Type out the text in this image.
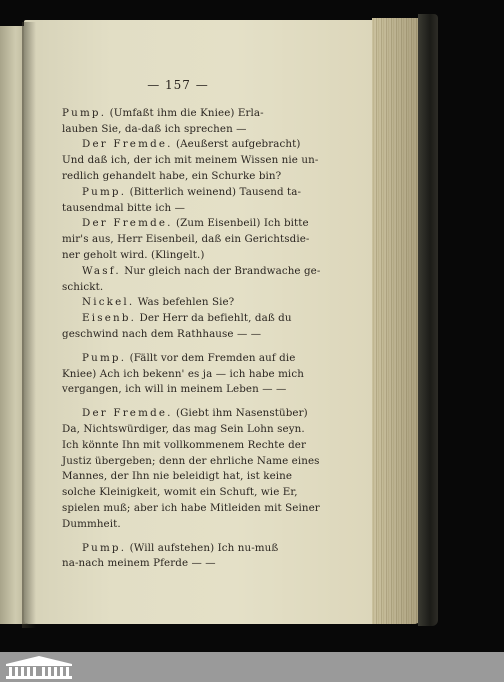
— 157 —
Pump. (Umfaßt ihm die Kniee) Erla-
lauben Sie, da-daß ich sprechen —
Der Fremde. (Aeußerst aufgebracht)
Und daß ich, der ich mit meinem Wissen nie un-
redlich gehandelt habe, ein Schurke bin?
Pump. (Bitterlich weinend) Tausend ta-
tausendmal bitte ich —
Der Fremde. (Zum Eisenbeil) Ich bitte
mir's aus, Herr Eisenbeil, daß ein Gerichtsdie-
ner geholt wird. (Klingelt.)
Wasf. Nur gleich nach der Brandwache ge-
schickt.
Nickel. Was befehlen Sie?
Eisenb. Der Herr da befiehlt, daß du
geschwind nach dem Rathhause — —
Pump. (Fällt vor dem Fremden auf die
Kniee) Ach ich bekenn' es ja — ich habe mich
vergangen, ich will in meinem Leben — —
Der Fremde. (Giebt ihm Nasenstüber)
Da, Nichtswürdiger, das mag Sein Lohn seyn.
Ich könnte Ihn mit vollkommenem Rechte der
Justiz übergeben; denn der ehrliche Name eines
Mannes, der Ihn nie beleidigt hat, ist keine
solche Kleinigkeit, womit ein Schuft, wie Er,
spielen muß; aber ich habe Mitleiden mit Seiner
Dummheit.
Pump. (Will aufstehen) Ich nu-muß
na-nach meinem Pferde — —
